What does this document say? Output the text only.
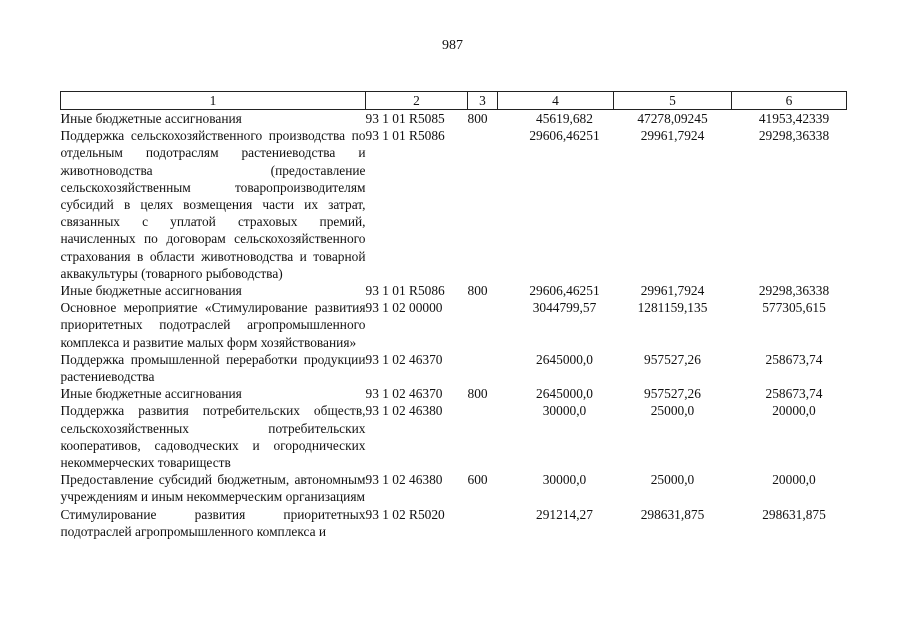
987
1	2	3	4	5	6
Иные бюджетные ассигнования	93 1 01 R5085	800	45619,682	47278,09245	41953,42339
Поддержка сельскохозяйственного производства по отдельным подотраслям растениеводства и животноводства (предоставление сельскохозяйственным товаропроизводителям субсидий в целях возмещения части их затрат, связанных с уплатой страховых премий, начисленных по договорам сельскохозяйственного страхования в области животноводства и товарной аквакультуры (товарного рыбоводства)	93 1 01 R5086		29606,46251	29961,7924	29298,36338
Иные бюджетные ассигнования	93 1 01 R5086	800	29606,46251	29961,7924	29298,36338
Основное мероприятие «Стимулирование развития приоритетных подотраслей агропромышленного комплекса и развитие малых форм хозяйствования»	93 1 02 00000		3044799,57	1281159,135	577305,615
Поддержка промышленной переработки продукции растениеводства	93 1 02 46370		2645000,0	957527,26	258673,74
Иные бюджетные ассигнования	93 1 02 46370	800	2645000,0	957527,26	258673,74
Поддержка развития потребительских обществ, сельскохозяйственных потребительских кооперативов, садоводческих и огороднических некоммерческих товариществ	93 1 02 46380		30000,0	25000,0	20000,0
Предоставление субсидий бюджетным, автономным учреждениям и иным некоммерческим организациям	93 1 02 46380	600	30000,0	25000,0	20000,0
Стимулирование развития приоритетных подотраслей агропромышленного комплекса и	93 1 02 R5020		291214,27	298631,875	298631,875
